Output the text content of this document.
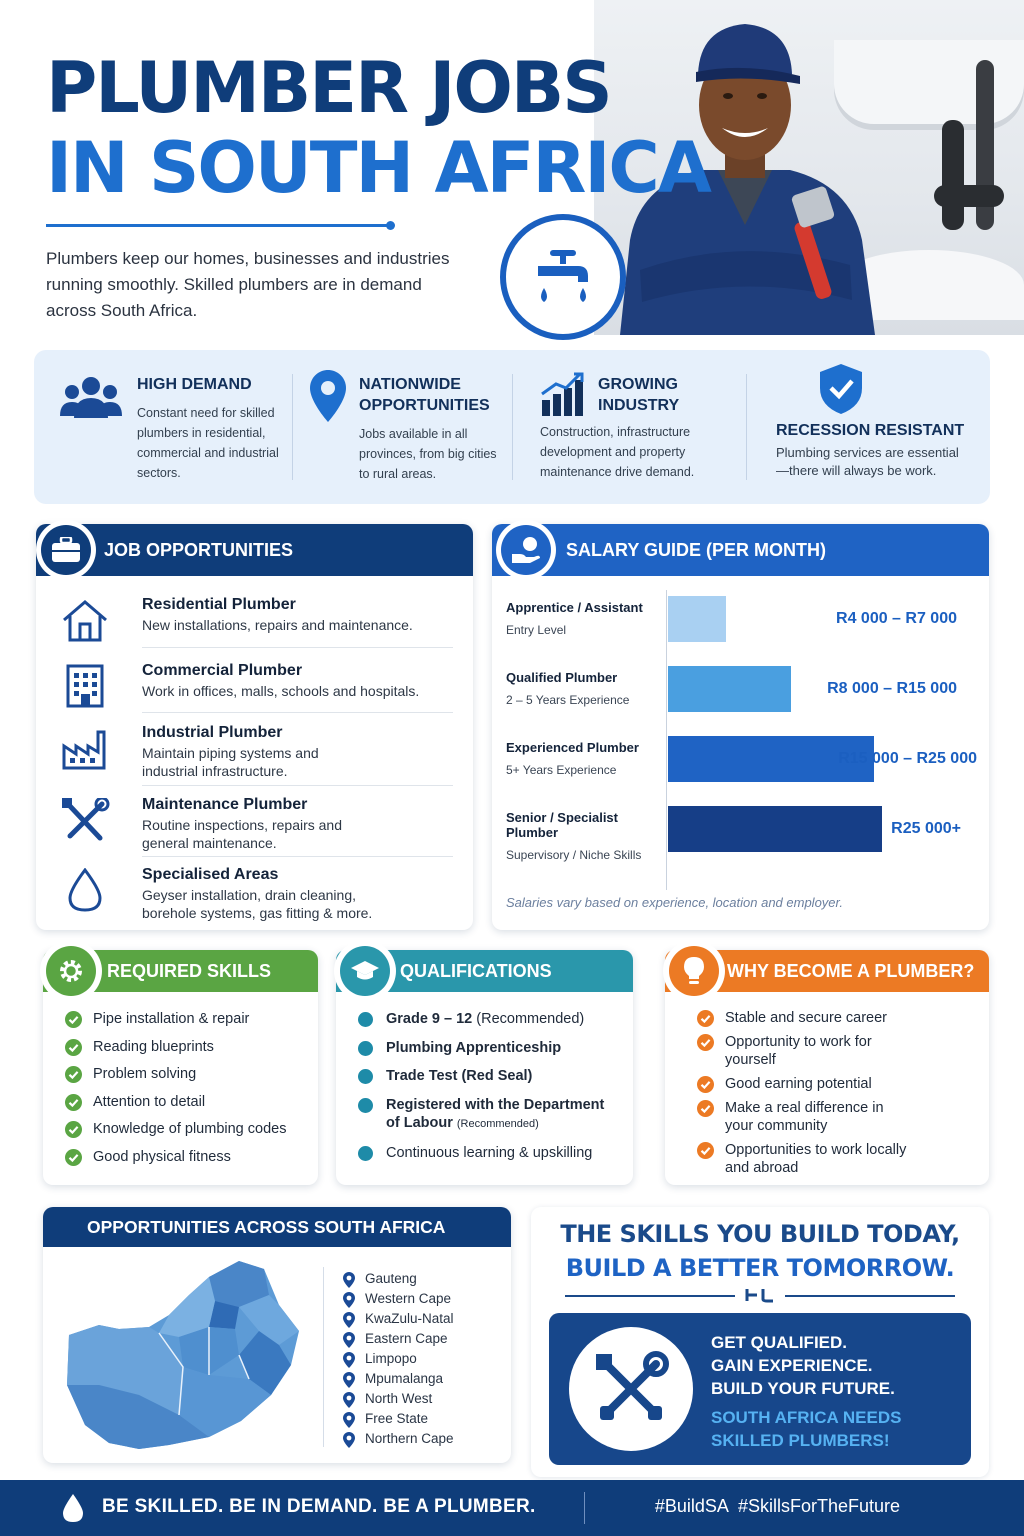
PLUMBER JOBS
IN SOUTH AFRICA

Plumbers keep our homes, businesses and industries running smoothly. Skilled plumbers are in demand across South Africa.

HIGH DEMAND
Constant need for skilled plumbers in residential, commercial and industrial sectors.
NATIONWIDE OPPORTUNITIES
Jobs available in all provinces, from big cities to rural areas.
GROWING INDUSTRY
Construction, infrastructure development and property maintenance drive demand.
RECESSION RESISTANT
Plumbing services are essential—there will always be work.
JOB OPPORTUNITIES
Residential Plumber
New installations, repairs and maintenance.
Commercial Plumber
Work in offices, malls, schools and hospitals.
Industrial Plumber
Maintain piping systems and industrial infrastructure.
Maintenance Plumber
Routine inspections, repairs and general maintenance.
Specialised Areas
Geyser installation, drain cleaning, borehole systems, gas fitting & more.
SALARY GUIDE (PER MONTH)
Apprentice / Assistant
Entry Level
R4 000 – R7 000
Qualified Plumber
2 – 5 Years Experience
R8 000 – R15 000
Experienced Plumber
5+ Years Experience
R15 000 – R25 000
Senior / Specialist Plumber
Supervisory / Niche Skills
R25 000+
Salaries vary based on experience, location and employer.
REQUIRED SKILLS
Pipe installation & repair
Reading blueprints
Problem solving
Attention to detail
Knowledge of plumbing codes
Good physical fitness
QUALIFICATIONS
Grade 9 – 12 (Recommended)
Plumbing Apprenticeship
Trade Test (Red Seal)
Registered with the Department of Labour (Recommended)
Continuous learning & upskilling
WHY BECOME A PLUMBER?
Stable and secure career
Opportunity to work for yourself
Good earning potential
Make a real difference in your community
Opportunities to work locally and abroad
OPPORTUNITIES ACROSS SOUTH AFRICA
Gauteng
Western Cape
KwaZulu-Natal
Eastern Cape
Limpopo
Mpumalanga
North West
Free State
Northern Cape
THE SKILLS YOU BUILD TODAY,
BUILD A BETTER TOMORROW.
GET QUALIFIED.
GAIN EXPERIENCE.
BUILD YOUR FUTURE.
SOUTH AFRICA NEEDS
SKILLED PLUMBERS!
BE SKILLED. BE IN DEMAND. BE A PLUMBER.	#BuildSA  #SkillsForTheFuture
